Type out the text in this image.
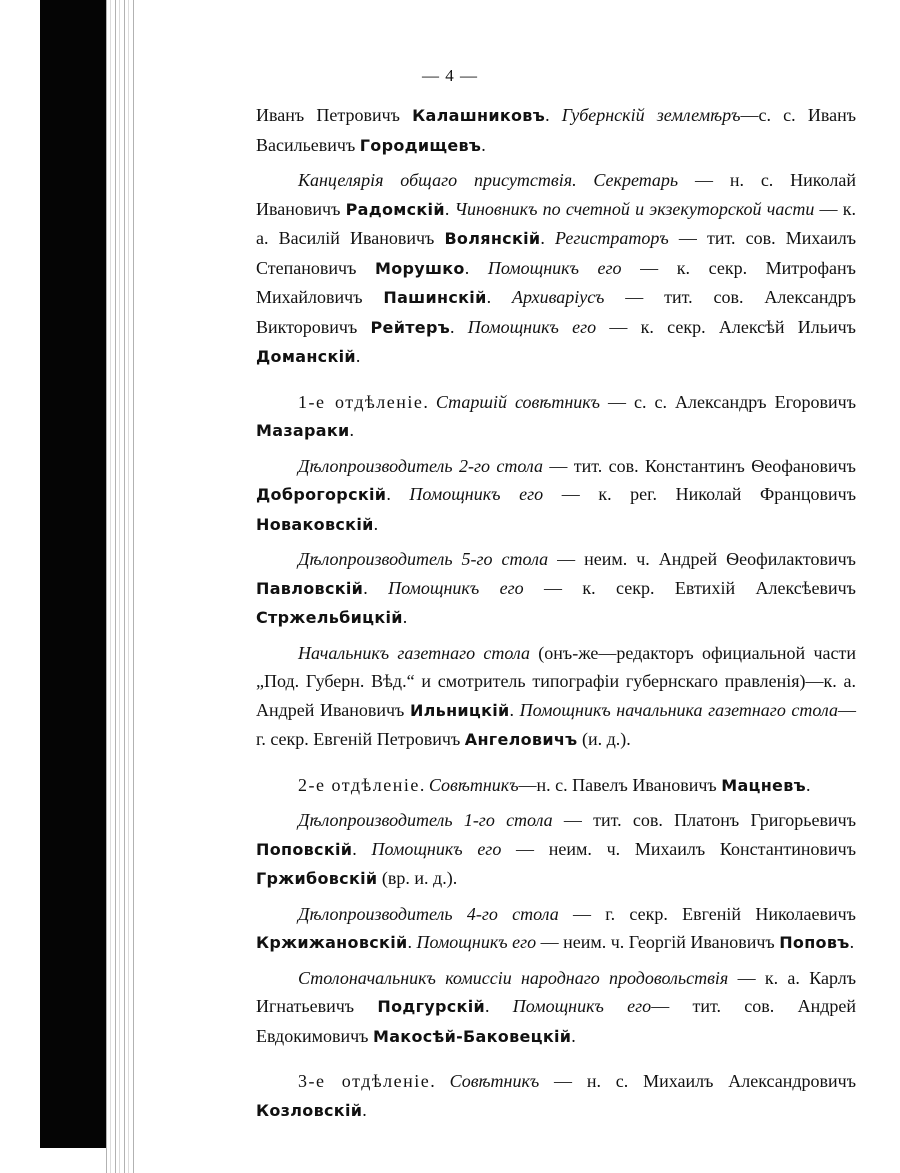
— 4 —

Иванъ Петровичъ Калашниковъ. Губернскій землемѣръ—с. с. Иванъ Васильевичъ Городищевъ.

Канцелярія общаго присутствія. Секретарь — н. с. Николай Ивановичъ Радомскій. Чиновникъ по счетной и экзекуторской части — к. а. Василій Ивановичъ Волянскій. Регистраторъ — тит. сов. Михаилъ Степановичъ Морушко. Помощникъ его — к. секр. Митрофанъ Михайловичъ Пашинскій. Архиваріусъ — тит. сов. Александръ Викторовичъ Рейтеръ. Помощникъ его — к. секр. Алексѣй Ильичъ Доманскій.

1-е отдѣленіе. Старшій совѣтникъ — с. с. Александръ Егоровичъ Мазараки.

Дѣлопроизводитель 2-го стола — тит. сов. Константинъ Ѳеофановичъ Доброгорскій. Помощникъ его — к. рег. Николай Францовичъ Новаковскій.

Дѣлопроизводитель 5-го стола — неим. ч. Андрей Ѳеофилактовичъ Павловскій. Помощникъ его — к. секр. Евтихій Алексѣевичъ Стржельбицкій.

Начальникъ газетнаго стола (онъ-же—редакторъ официальной части „Под. Губерн. Вѣд.“ и смотритель типографіи губернскаго правленія)—к. а. Андрей Ивановичъ Ильницкій. Помощникъ начальника газетнаго стола—г. секр. Евгеній Петровичъ Ангеловичъ (и. д.).

2-е отдѣленіе. Совѣтникъ—н. с. Павелъ Ивановичъ Мацневъ.

Дѣлопроизводитель 1-го стола — тит. сов. Платонъ Григорьевичъ Поповскій. Помощникъ его — неим. ч. Михаилъ Константиновичъ Гржибовскій (вр. и. д.).

Дѣлопроизводитель 4-го стола — г. секр. Евгеній Николаевичъ Кржижановскій. Помощникъ его — неим. ч. Георгій Ивановичъ Поповъ.

Столоначальникъ комиссіи народнаго продовольствія — к. а. Карлъ Игнатьевичъ Подгурскій. Помощникъ его— тит. сов. Андрей Евдокимовичъ Макосѣй-Баковецкій.

3-е отдѣленіе. Совѣтникъ — н. с. Михаилъ Александровичъ Козловскій.
